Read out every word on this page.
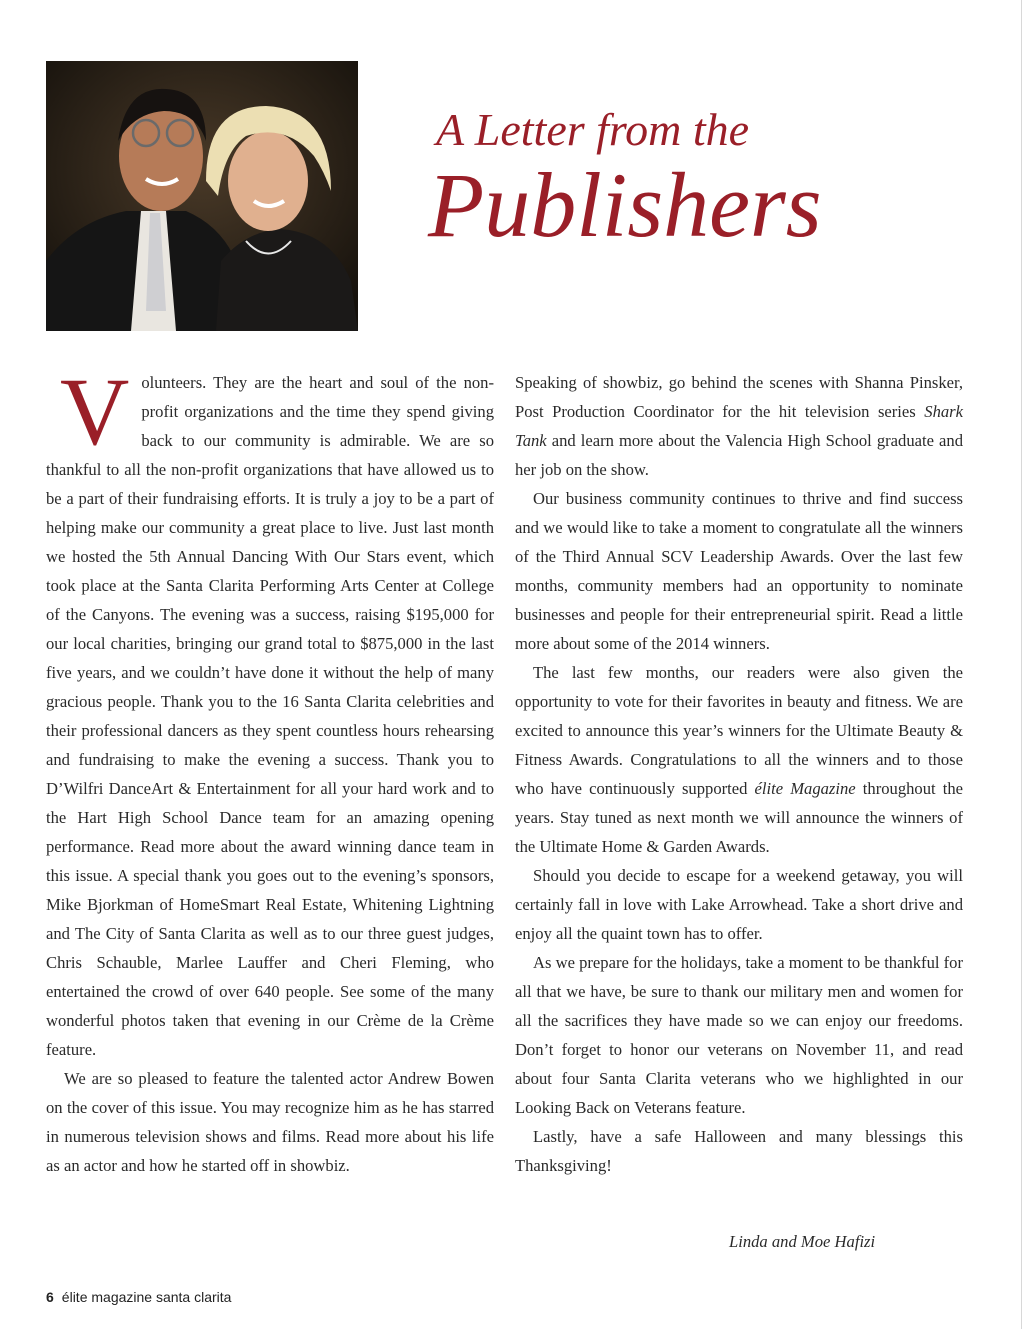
A Letter from the
Publishers

Volunteers. They are the heart and soul of the non-profit organizations and the time they spend giving back to our community is admirable. We are so thankful to all the non-profit organizations that have allowed us to be a part of their fundraising efforts. It is truly a joy to be a part of helping make our community a great place to live. Just last month we hosted the 5th Annual Dancing With Our Stars event, which took place at the Santa Clarita Performing Arts Center at College of the Canyons. The evening was a success, raising $195,000 for our local charities, bringing our grand total to $875,000 in the last five years, and we couldn’t have done it without the help of many gracious people. Thank you to the 16 Santa Clarita celebrities and their professional dancers as they spent countless hours rehearsing and fundraising to make the evening a success. Thank you to D’Wilfri DanceArt & Entertainment for all your hard work and to the Hart High School Dance team for an amazing opening performance. Read more about the award winning dance team in this issue. A special thank you goes out to the evening’s sponsors, Mike Bjorkman of HomeSmart Real Estate, Whitening Lightning and The City of Santa Clarita as well as to our three guest judges, Chris Schauble, Marlee Lauffer and Cheri Fleming, who entertained the crowd of over 640 people. See some of the many wonderful photos taken that evening in our Crème de la Crème feature.

We are so pleased to feature the talented actor Andrew Bowen on the cover of this issue. You may recognize him as he has starred in numerous television shows and films. Read more about his life as an actor and how he started off in showbiz.

Speaking of showbiz, go behind the scenes with Shanna Pinsker, Post Production Coordinator for the hit television series Shark Tank and learn more about the Valencia High School graduate and her job on the show.

Our business community continues to thrive and find success and we would like to take a moment to congratulate all the winners of the Third Annual SCV Leadership Awards. Over the last few months, community members had an opportunity to nominate businesses and people for their entrepreneurial spirit. Read a little more about some of the 2014 winners.

The last few months, our readers were also given the opportunity to vote for their favorites in beauty and fitness. We are excited to announce this year’s winners for the Ultimate Beauty & Fitness Awards. Congratulations to all the winners and to those who have continuously supported élite Magazine throughout the years. Stay tuned as next month we will announce the winners of the Ultimate Home & Garden Awards.

Should you decide to escape for a weekend getaway, you will certainly fall in love with Lake Arrowhead. Take a short drive and enjoy all the quaint town has to offer.

As we prepare for the holidays, take a moment to be thankful for all that we have, be sure to thank our military men and women for all the sacrifices they have made so we can enjoy our freedoms. Don’t forget to honor our veterans on November 11, and read about four Santa Clarita veterans who we highlighted in our Looking Back on Veterans feature.

Lastly, have a safe Halloween and many blessings this Thanksgiving!

Linda and Moe Hafizi
6 élite magazine santa clarita
